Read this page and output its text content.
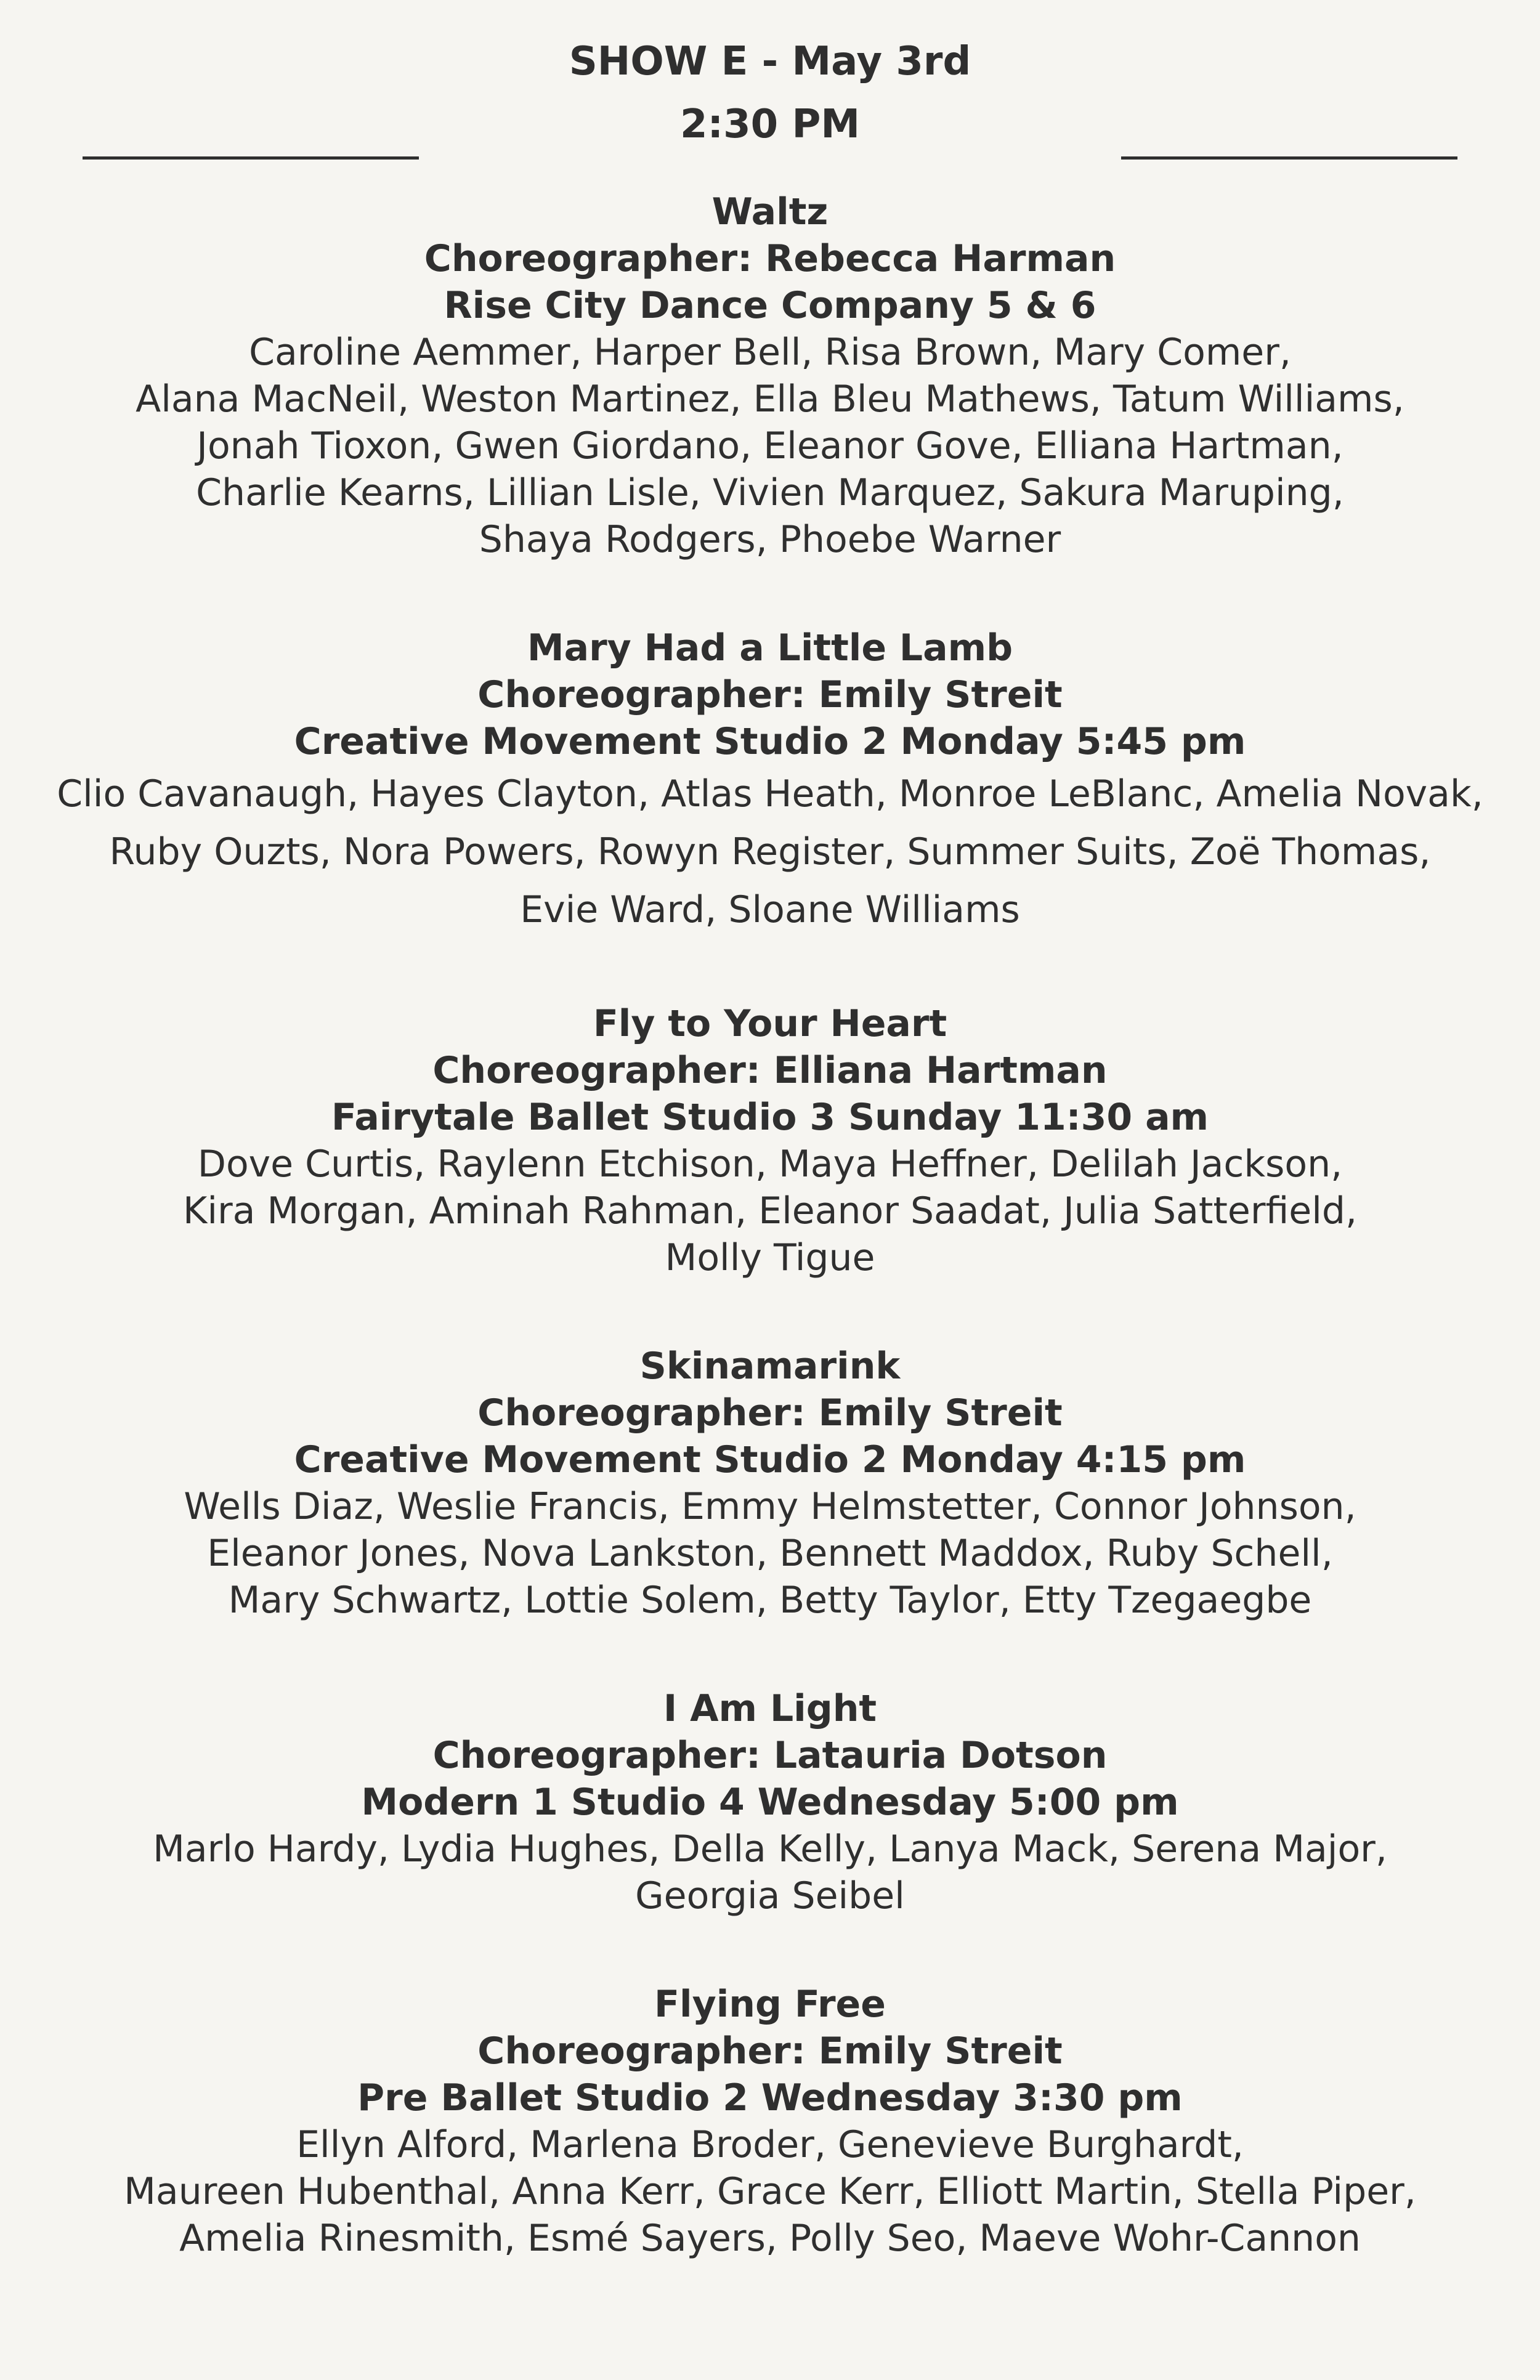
SHOW E - May 3rd
2:30 PM
Waltz
Choreographer: Rebecca Harman
Rise City Dance Company 5 & 6
Caroline Aemmer, Harper Bell, Risa Brown, Mary Comer,
Alana MacNeil, Weston Martinez, Ella Bleu Mathews, Tatum Williams,
Jonah Tioxon, Gwen Giordano, Eleanor Gove, Elliana Hartman,
Charlie Kearns, Lillian Lisle, Vivien Marquez, Sakura Maruping,
Shaya Rodgers, Phoebe Warner
Mary Had a Little Lamb
Choreographer: Emily Streit
Creative Movement Studio 2 Monday 5:45 pm
Clio Cavanaugh, Hayes Clayton, Atlas Heath, Monroe LeBlanc, Amelia Novak,
Ruby Ouzts, Nora Powers, Rowyn Register, Summer Suits, Zoë Thomas,
Evie Ward, Sloane Williams
Fly to Your Heart
Choreographer: Elliana Hartman
Fairytale Ballet Studio 3 Sunday 11:30 am
Dove Curtis, Raylenn Etchison, Maya Heffner, Delilah Jackson,
Kira Morgan, Aminah Rahman, Eleanor Saadat, Julia Satterfield,
Molly Tigue
Skinamarink
Choreographer: Emily Streit
Creative Movement Studio 2 Monday 4:15 pm
Wells Diaz, Weslie Francis, Emmy Helmstetter, Connor Johnson,
Eleanor Jones, Nova Lankston, Bennett Maddox, Ruby Schell,
Mary Schwartz, Lottie Solem, Betty Taylor, Etty Tzegaegbe
I Am Light
Choreographer: Latauria Dotson
Modern 1 Studio 4 Wednesday 5:00 pm
Marlo Hardy, Lydia Hughes, Della Kelly, Lanya Mack, Serena Major,
Georgia Seibel
Flying Free
Choreographer: Emily Streit
Pre Ballet Studio 2 Wednesday 3:30 pm
Ellyn Alford, Marlena Broder, Genevieve Burghardt,
Maureen Hubenthal, Anna Kerr, Grace Kerr, Elliott Martin, Stella Piper,
Amelia Rinesmith, Esmé Sayers, Polly Seo, Maeve Wohr-Cannon
